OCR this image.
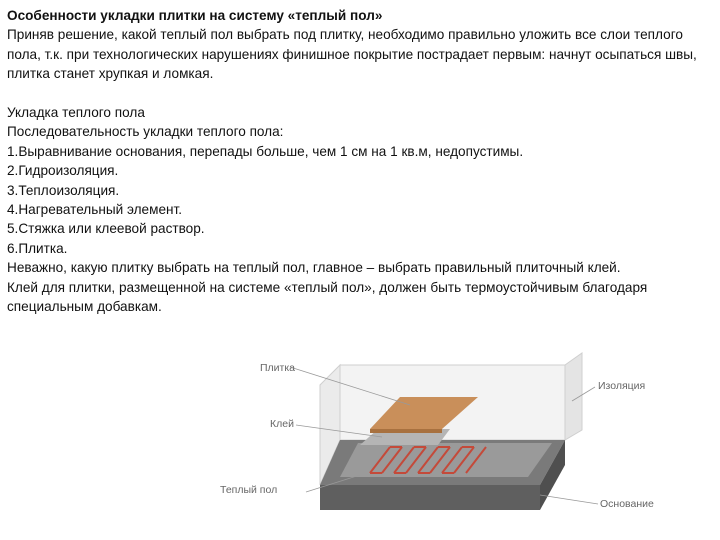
Особенности укладки плитки на систему «теплый пол»

Приняв решение, какой теплый пол выбрать под плитку, необходимо правильно уложить все слои теплого пола, т.к. при технологических нарушениях финишное покрытие пострадает первым: начнут осыпаться швы, плитка станет хрупкая и ломкая.

Укладка теплого пола

Последовательность укладки теплого пола:

1.Выравнивание основания, перепады больше, чем 1 см на 1 кв.м, недопустимы.

2.Гидроизоляция.

3.Теплоизоляция.

4.Нагревательный элемент.

5.Стяжка или клеевой раствор.

6.Плитка.

Неважно, какую плитку выбрать на теплый пол, главное – выбрать правильный плиточный клей.

Клей для плитки, размещенной на системе «теплый пол», должен быть термоустойчивым благодаря специальным добавкам.

Плитка
Изоляция
Клей
Теплый пол
Основание
